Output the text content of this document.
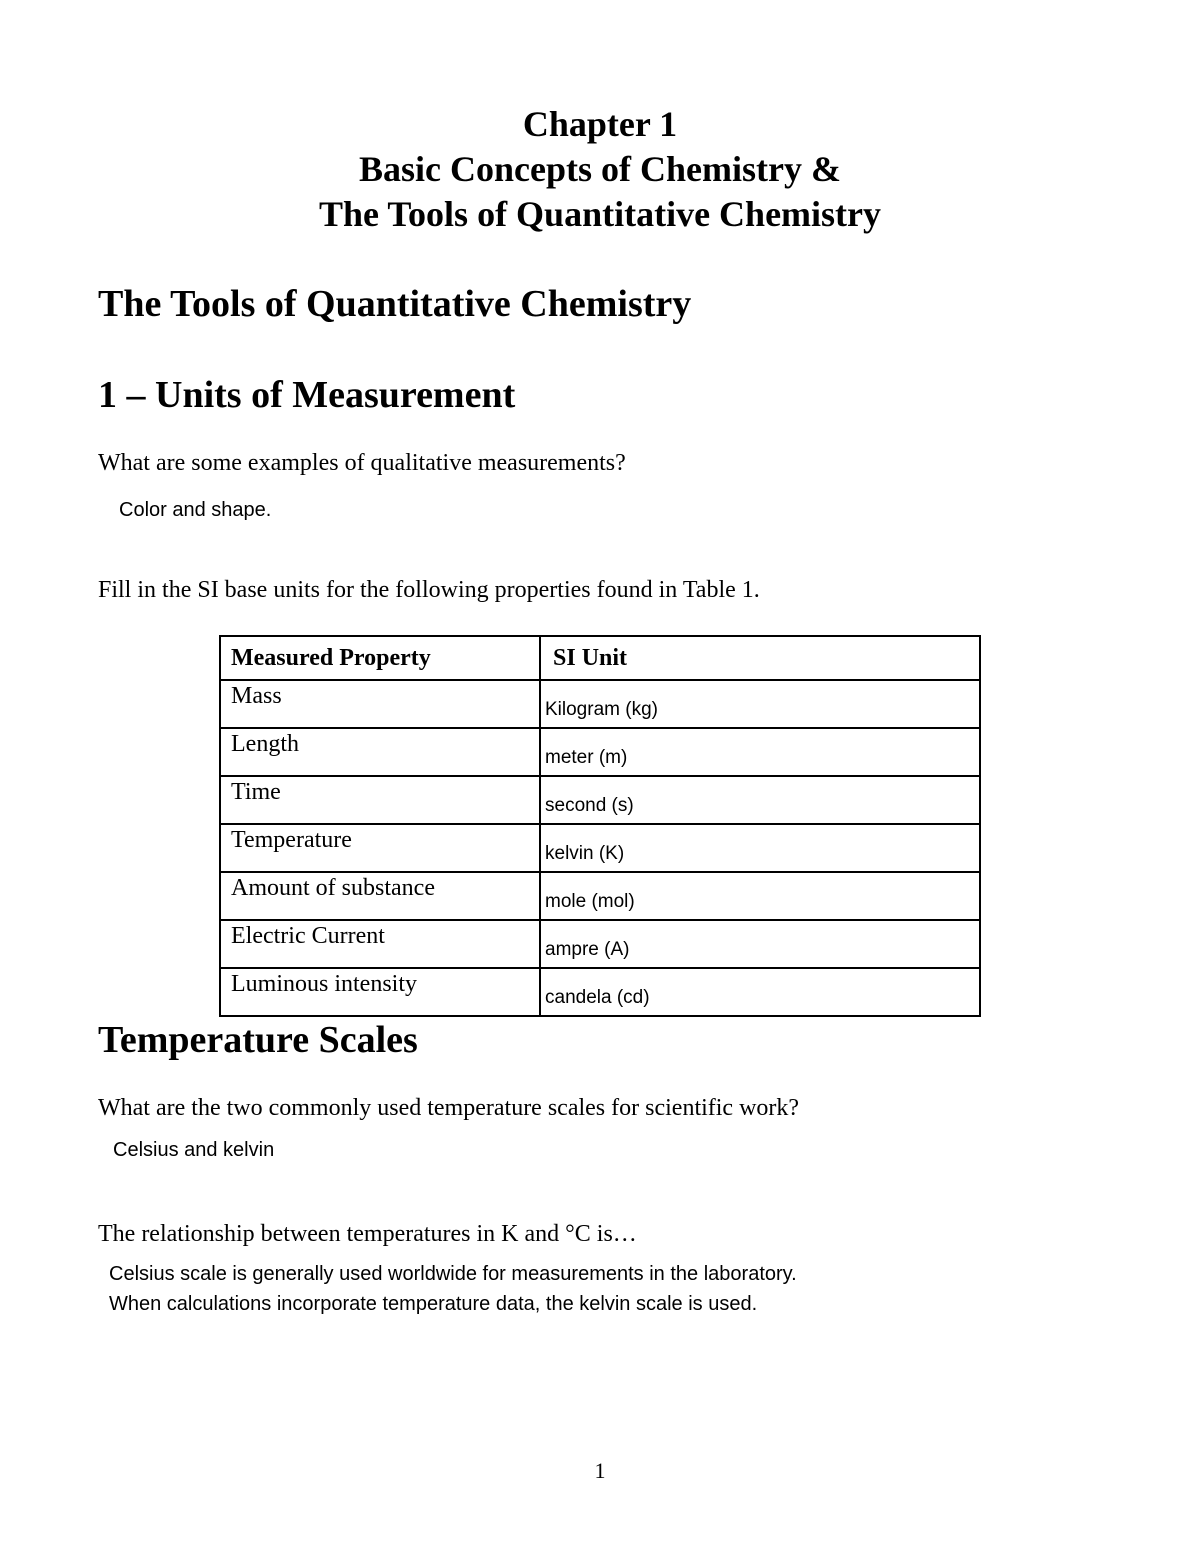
Chapter 1
Basic Concepts of Chemistry &
The Tools of Quantitative Chemistry
The Tools of Quantitative Chemistry
1 – Units of Measurement
What are some examples of qualitative measurements?
Color and shape.
Fill in the SI base units for the following properties found in Table 1.
Measured Property	SI Unit
Mass	Kilogram (kg)
Length	meter (m)
Time	second (s)
Temperature	kelvin (K)
Amount of substance	mole (mol)
Electric Current	ampre (A)
Luminous intensity	candela (cd)
Temperature Scales
What are the two commonly used temperature scales for scientific work?
Celsius and kelvin
The relationship between temperatures in K and °C is…
Celsius scale is generally used worldwide for measurements in the laboratory.
When calculations incorporate temperature data, the kelvin scale is used.
1
